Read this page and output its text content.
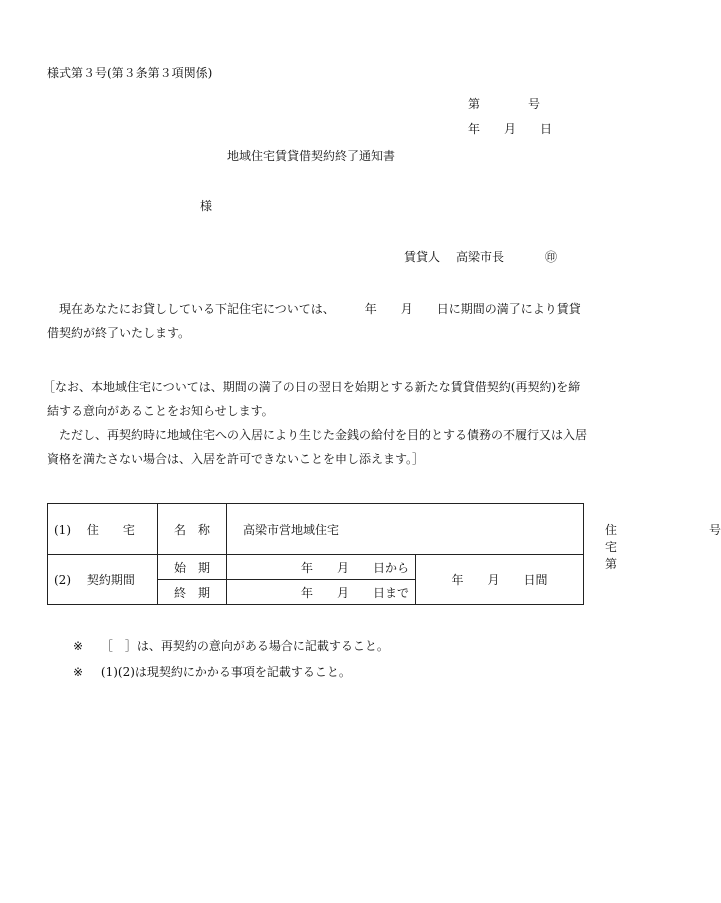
様式第３号(第３条第３項関係)
第　　　　号
年　　月　　日
地域住宅賃貸借契約終了通知書
様
賃貸人 高梁市長	㊞
現在あなたにお貸ししている下記住宅については、　　　年　　月　　日に期間の満了により賃貸借契約が終了いたします。
［なお、本地域住宅については、期間の満了の日の翌日を始期とする新たな賃貸借契約(再契約)を締結する意向があることをお知らせします。
ただし、再契約時に地域住宅への入居により生じた金銭の給付を目的とする債務の不履行又は入居資格を満たさない場合は、入居を許可できないことを申し添えます。］
(1) 住　　宅	名　称	高梁市営地域住宅 住宅　第
号	

(2) 契約期間	始　期	年　　月　　日から	年　　月　　日間
	終　期	年　　月　　日まで	
※ ［　］は、再契約の意向がある場合に記載すること。
※ (1)(2)は現契約にかかる事項を記載すること。
